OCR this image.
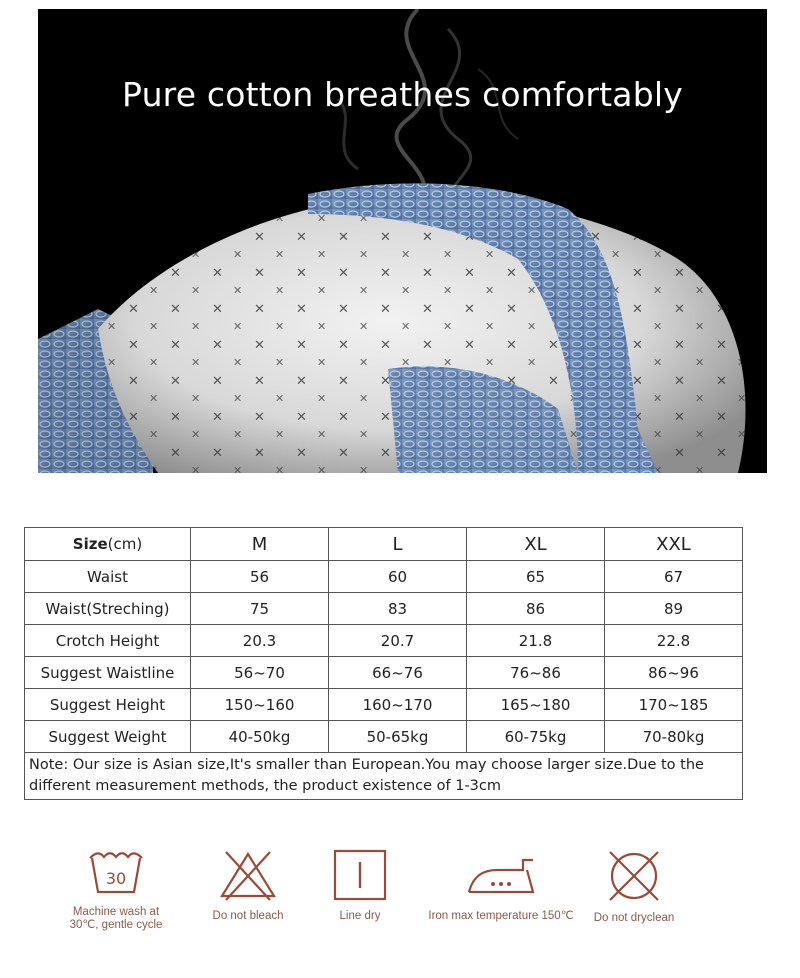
Pure cotton breathes comfortably
Size(cm)	M	L	XL	XXL
Waist	56	60	65	67
Waist(Streching)	75	83	86	89
Crotch Height	20.3	20.7	21.8	22.8
Suggest Waistline	56~70	66~76	76~86	86~96
Suggest Height	150~160	160~170	165~180	170~185
Suggest Weight	40-50kg	50-65kg	60-75kg	70-80kg
Note: Our size is Asian size,It's smaller than European.You may choose larger size.Due to the different measurement methods, the product existence of 1-3cm				
30
Machine wash at
30℃, gentle cycle
Do not bleach	Line dry	Iron max temperature 150℃	Do not dryclean
